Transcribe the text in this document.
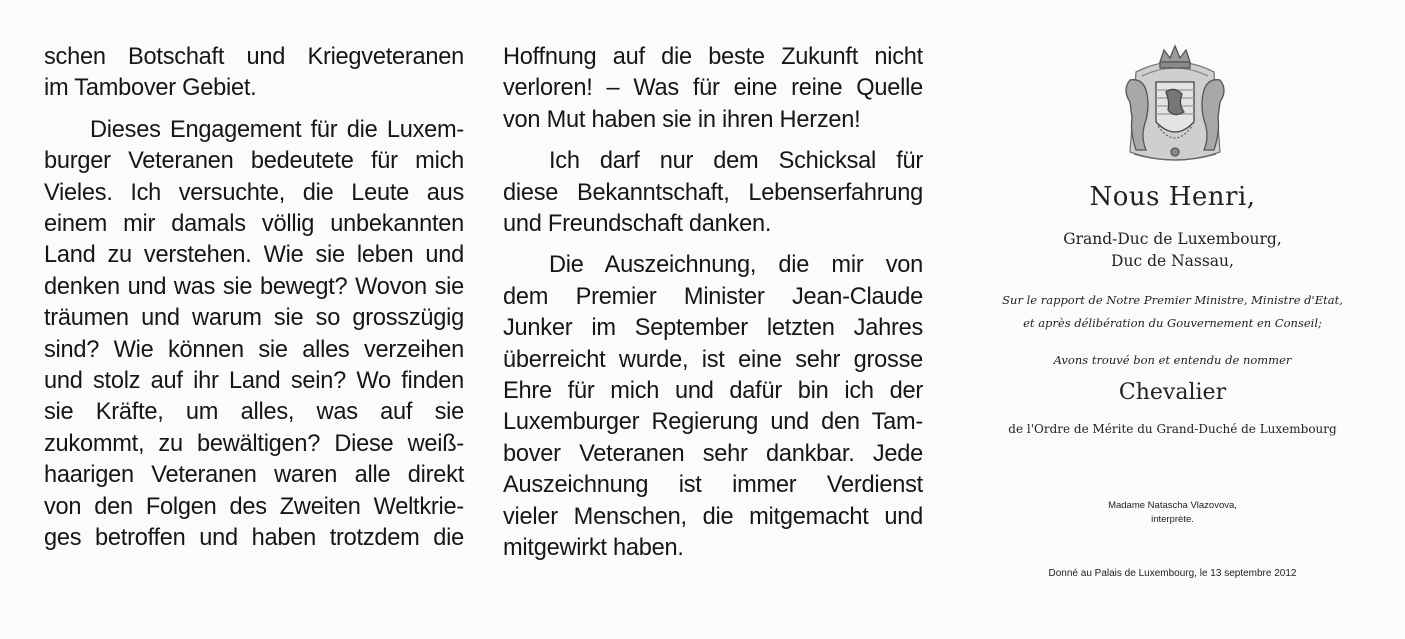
schen Botschaft und Kriegveteranen
im Tambover Gebiet.

Dieses Engagement für die Luxem-
burger Veteranen bedeutete für mich
Vieles. Ich versuchte, die Leute aus
einem mir damals völlig unbekannten
Land zu verstehen. Wie sie leben und
denken und was sie bewegt? Wovon sie
träumen und warum sie so grosszügig
sind? Wie können sie alles verzeihen
und stolz auf ihr Land sein? Wo finden
sie Kräfte, um alles, was auf sie
zukommt, zu bewältigen? Diese weiß-
haarigen Veteranen waren alle direkt
von den Folgen des Zweiten Weltkrie-
ges betroffen und haben trotzdem die

Hoffnung auf die beste Zukunft nicht
verloren! – Was für eine reine Quelle
von Mut haben sie in ihren Herzen!

Ich darf nur dem Schicksal für
diese Bekanntschaft, Lebenserfahrung
und Freundschaft danken.

Die Auszeichnung, die mir von
dem Premier Minister Jean-Claude
Junker im September letzten Jahres
überreicht wurde, ist eine sehr grosse
Ehre für mich und dafür bin ich der
Luxemburger Regierung und den Tam-
bover Veteranen sehr dankbar. Jede
Auszeichnung ist immer Verdienst
vieler Menschen, die mitgemacht und
mitgewirkt haben.

Nous Henri,
Grand-Duc de Luxembourg,
Duc de Nassau,
Sur le rapport de Notre Premier Ministre, Ministre d'Etat,
et après délibération du Gouvernement en Conseil;
Avons trouvé bon et entendu de nommer
Chevalier
de l'Ordre de Mérite du Grand-Duché de Luxembourg
Madame Natascha Vlazovova,
interprète.
Donné au Palais de Luxembourg, le 13 septembre 2012
